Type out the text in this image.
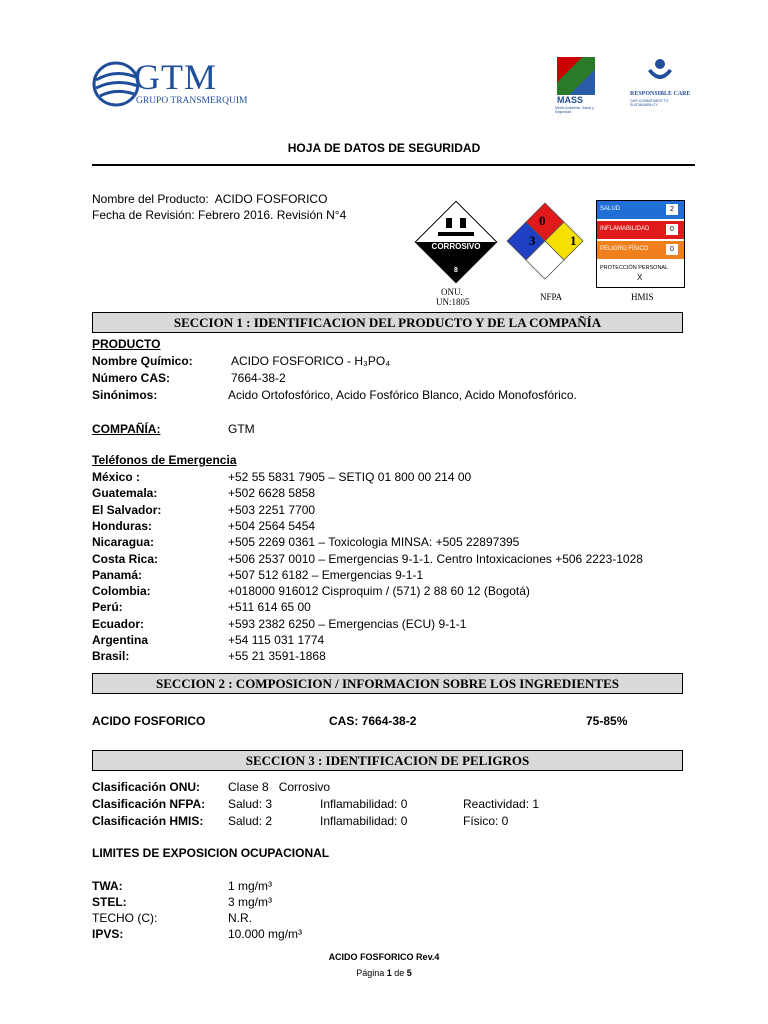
GTM
GRUPO TRANSMERQUIM	MASS
Medio Ambiente, Salud y Seguridad
RESPONSIBLE CARE
OUR COMMITMENT TO SUSTAINABILITY
HOJA DE DATOS DE SEGURIDAD
Nombre del Producto:  ACIDO FOSFORICO
Fecha de Revisión: Febrero 2016. Revisión N°4
CORROSIVO
8
ONU.
UN:1805
0
3	1
NFPA
SALUD	2
INFLAMABILIDAD	0
PELIGRO FÍSICO	0
PROTECCIÓN PERSONAL
X
HMIS
SECCION 1 : IDENTIFICACION DEL PRODUCTO Y DE LA COMPAÑÍA
PRODUCTO
Nombre Químico:	ACIDO FOSFORICO - H₃PO₄
Número CAS:	7664-38-2
Sinónimos:	Acido Ortofosfórico, Acido Fosfórico Blanco, Acido Monofosfórico.
COMPAÑÍA:	GTM
Teléfonos de Emergencia
México :	+52 55 5831 7905 – SETIQ 01 800 00 214 00
Guatemala:	+502 6628 5858
El Salvador:	+503 2251 7700
Honduras:	+504 2564 5454
Nicaragua:	+505 2269 0361 – Toxicologia MINSA: +505 22897395
Costa Rica:	+506 2537 0010 – Emergencias 9-1-1. Centro Intoxicaciones +506 2223-1028
Panamá:	+507 512 6182 – Emergencias 9-1-1
Colombia:	+018000 916012 Cisproquim / (571) 2 88 60 12 (Bogotá)
Perú:	+511 614 65 00
Ecuador:	+593 2382 6250 – Emergencias (ECU) 9-1-1
Argentina	+54 115 031 1774
Brasil:	+55 21 3591-1868
SECCION 2 : COMPOSICION / INFORMACION SOBRE LOS INGREDIENTES
ACIDO FOSFORICO	CAS: 7664-38-2	75-85%
SECCION 3 : IDENTIFICACION DE PELIGROS
Clasificación ONU: Clase 8   Corrosivo
Clasificación NFPA: Salud: 3	Inflamabilidad: 0	Reactividad: 1
Clasificación HMIS: Salud: 2	Inflamabilidad: 0	Físico: 0
LIMITES DE EXPOSICION OCUPACIONAL
TWA:	1 mg/m³
STEL:	3 mg/m³
TECHO (C):	N.R.
IPVS:	10.000 mg/m³
ACIDO FOSFORICO Rev.4
Página 1 de 5
